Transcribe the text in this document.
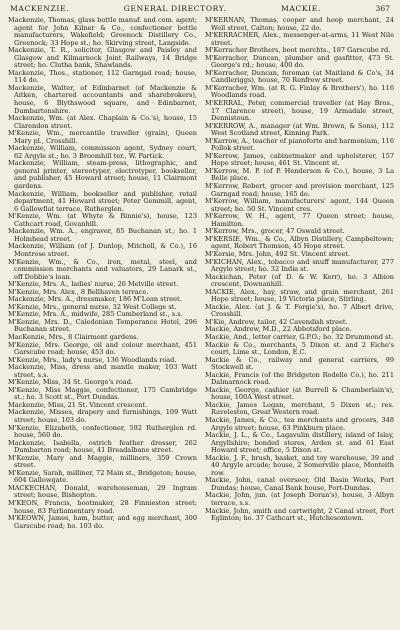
MACKENZIE.	GENERAL DIRECTORY.	MACKIE.	367
Mackenzie, Thomas, glass bottle manuf. and com. agent; agent for John Kilner & Co., confectioner bottle manufacturers, Wakefield; Greenock Distillery Co., Greenock; 33 Hope st.; ho. Skirving street, Langside.
Mackenzie, T. R., solicitor, Glasgow and Paisley and Glasgow and Kilmarnock Joint Railways, 14 Bridge street; ho. Clutha bank, Shawlands.
Mackenzie, Thos., stationer, 112 Garngad road; house, 114 do.
Mackenzie, Walter, of Edinbarnet (of Mackenzie & Aitken, chartered accountants and sharebrokers), house, 6 Blythswood square, and Edinbarnet, Dumbartonshire.
Mackenzie, Wm. (at Alex. Chaplain & Co.'s), house, 15 Clarendon street.
M'Kenzie, Wm., mercantile traveller (grain), Queen Mary pl., Crosshill.
Mackenzie, William, commission agent, Sydney court, 62 Argyle st.; ho. 3 Broomhill ter., W. Partick.
Mackenzie, William, steam-press, lithographic, and general printer, stereotyper, electrotyper, bookseller, and publisher, 45 Howard street; house, 11 Clairmont gardens.
Mackenzie, William, bookseller and publisher, retail department, 41 Howard street; Peter Gemmill, agent, 6 Gallowflat terrace, Rutherglen.
M'Kenzie, Wm. (at Whyte & Binnie's), house, 123 Cathcart road, Govanhill.
Mackenzie, Wm. A., engraver, 85 Buchanan st.; ho. 1 Holmhead street.
Mackenzie, William (of J. Dunlop, Mitchell, & Co.), 16 Montrose street.
M'Kenzie, Wm., & Co., iron, metal, steel, and commission merchants and valuators, 29 Lanark st., off Dobbie's loan.
M'Kenzie, Mrs. A., ladies' nurse, 26 Melville street.
M'Kenzie, Mrs. Alex., 8 Bellhaven terrace.
Mackenzie, Mrs. A., dressmaker, 186 M'Lean street.
M'Kenzie, Mrs., general nurse, 32 West College st.
M'Kenzie, Mrs. A., midwife, 285 Cumberland st., s.s.
M'Kenzie, Mrs. D., Caledonian Temperance Hotel, 296 Buchanan street.
MacKenzie, Mrs., 8 Clairmont gardens.
M'Kenzie, Mrs. George, oil and colour merchant, 451 Garscube road; house, 453 do.
M'Kenzie, Mrs., lady's nurse, 136 Woodlands road.
Mackenzie, Miss, dress and mantle maker, 103 Watt street, s.s.
M'Kenzie, Miss, 34 St. George's road.
M'Kenzie, Miss Maggie, confectioner, 175 Cambridge st.; ho. 3 Scott st., Port Dundas.
Mackenzie, Miss, 21 St. Vincent crescent.
Mackenzie, Misses, drapery and furnishings, 109 Watt street; house, 103 do.
M'Kenzie, Elizabeth, confectioner, 592 Rutherglen rd. house, 560 do.
Mackenzie, Isabella, ostrich feather dresser, 262 Dumbarton road; house, 41 Breadalbane street.
M'Kenzie, Mary and Maggie, milliners, 359 Crown street.
M'Kenzie, Sarah, milliner, 72 Main st., Bridgeton; house, 604 Gallowgate.
MACKECHAN, Donald, warehouseman, 29 Ingram street; house, Bishopton.
M'KEON, Francis, bootmaker, 28 Finnieston street; house, 83 Parliamentary road.
M'KEOWN, James, ham, butter, and egg merchant, 300 Garscube road; ho. 103 do.
M'KERNAN, Thomas, cooper and hoop merchant, 24 Well street, Calton; house, 22 do.
M'KERRACHER, Alex., messenger-at-arms, 11 West Nile street.
M'Kerracher Brothers, boot merchts., 187 Garscube rd.
M'Kerracher, Duncan, plumber and gasfitter, 473 St. George's rd.; house, 400 do.
M'Kerracher, Duncan, foreman (at Maitland & Co's, 34 Candleriggs), house, 70 Renfrew street.
M'Kerracher, Wm. (at R. G. Finlay & Brothers'), ho. 116 Woodlands road.
M'KERRAL, Peter, commercial traveller (at Hay Bros., 17 Clarence street), house, 19 Armadale street, Dennistoun.
M'KERROW, A., manager (at Wm. Brown, & Sons), 112 West Scotland street, Kinning Park.
M'Kerrow, A., teacher of pianoforte and harmonium, 116 Pollok street.
M'Kerrow, James, cabinetmaker and upholsterer, 157 Hope street; house, 461 St. Vincent st.
M'Kerrow, M. P. (of P. Henderson & Co.), house, 3 La Belle place.
M'Kerrow, Robert, grocer and provision merchant, 125 Garngad road; house, 165 do.
M'Kerrow, William, manufacturers' agent, 144 Queen street; ho. 50 St. Vincent cres.
M'Kerrow, W. H., agent, 77 Queen street; house, Hamilton.
M'Kerrow, Mrs., grocer, 47 Oswald street.
M'KERSIE, Wm., & Co., Albyn Distillery, Campbeltown; agent, Robert Thomson, 45 Hope street.
M'Kersie, Mrs. John, 492 St. Vincent street.
M'KICHAN, Alex., tobacco and snuff manufacturer, 277 Argyle street; ho. 32 India st.
Mackichan, Peter (of D. & W. Kerr), ho. 3 Albion crescent, Downanhill.
MACKIE, Alex., hay, straw, and grain merchant, 261 Hope street; house, 19 Victoria place, Stirling.
Mackie, Alex. (at J. & T. Forgie's), ho. 7 Albert drive, Crosshill.
M'Kie, Andrew, tailor, 42 Cavendish street.
Mackie, Andrew, M.D., 22 Abbotsford place.
Mackie, And., letter carrier, G.P.O.; ho. 32 Drummond st.
Mackie & Co., merchants, 5 Dixon st. and 2 Eiche's court, Lime st., London, E.C.
Mackie & Co., railway and general carriers, 99 Stockwell st.
Mackie, Francis (of the Bridgeton Rodelle Co.), ho. 211 Dalmarnock road.
Mackie, George, cashier (at Burrell & Chamberlain's), house, 100A West street.
Mackie, James Logan, merchant, 5 Dixon st.; res. Raveleston, Great Western road.
Mackie, James, & Co., tea merchants and grocers, 348 Argyle street; house, 63 Pinkburn place.
Mackie, J. L., & Co., Lagavulin distillery, island of Islay, Argyllshire; bonded stores, Arden st. and 61 East Howard street; office, 5 Dixon st.
Mackie, J. F., brush, basket, and toy warehouse, 39 and 40 Argyle arcade; house, 2 Somerville place, Monteith row.
Mackie, John, canal overseer, Old Basin Works, Port Dundas; house, Canal Bank house, Port-Dundas.
Mackie, John, jun. (at Joseph Doran's), house, 3 Albyn terrace, s.s.
Mackie, John, smith and cartwright, 2 Canal street, Port Eglinton; ho. 37 Cathcart st., Hutchesontown.
